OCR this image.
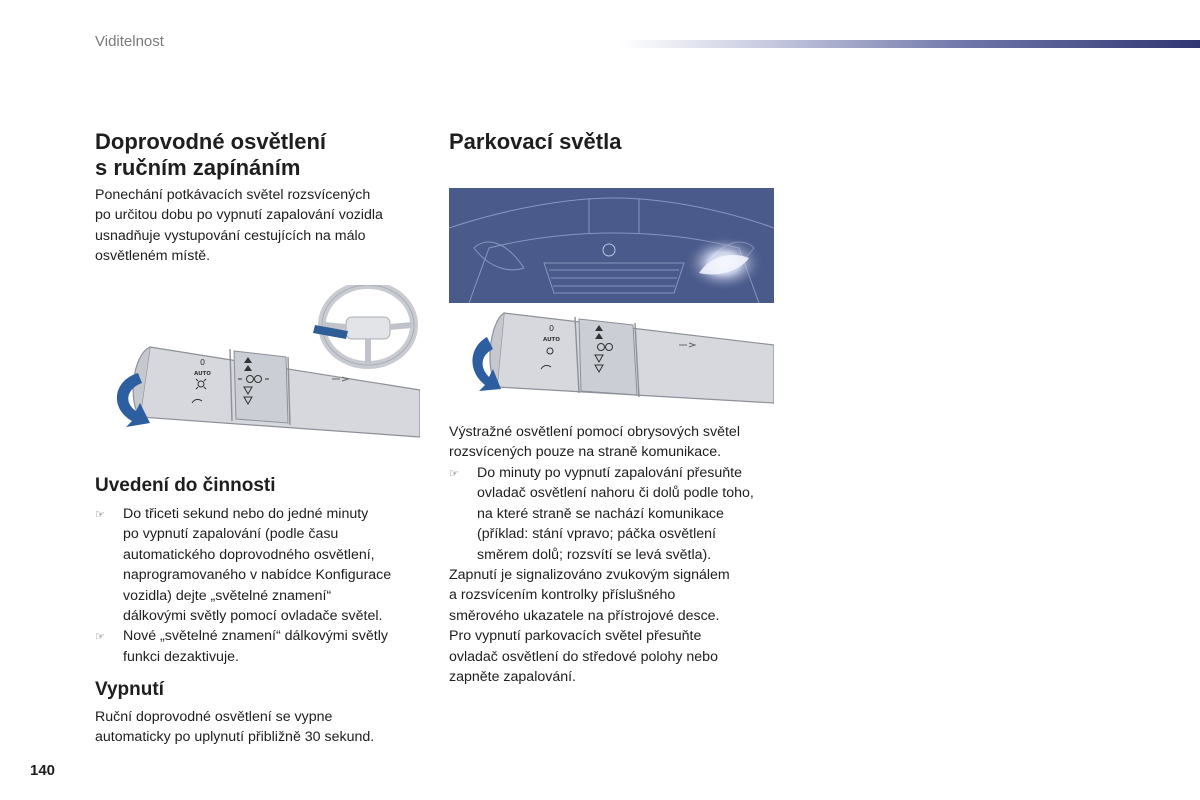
Viditelnost
Doprovodné osvětlení
s ručním zapínáním

Ponechání potkávacích světel rozsvícených

po určitou dobu po vypnutí zapalování vozidla

usnadňuje vystupování cestujících na málo

osvětleném místě.

0
AUTO
Uvedení do činnosti
☞	Do třiceti sekund nebo do jedné minuty
po vypnutí zapalování (podle času
automatického doprovodného osvětlení,
naprogramovaného v nabídce Konfigurace
vozidla) dejte „světelné znamení“
dálkovými světly pomocí ovladače světel.
☞	Nové „světelné znamení“ dálkovými světly
funkci dezaktivuje.
Vypnutí

Ruční doprovodné osvětlení se vypne

automaticky po uplynutí přibližně 30 sekund.

Parkovací světla
0
AUTO

Výstražné osvětlení pomocí obrysových světel

rozsvícených pouze na straně komunikace.

☞	Do minuty po vypnutí zapalování přesuňte
ovladač osvětlení nahoru či dolů podle toho,
na které straně se nachází komunikace
(příklad: stání vpravo; páčka osvětlení
směrem dolů; rozsvítí se levá světla).

Zapnutí je signalizováno zvukovým signálem

a rozsvícením kontrolky příslušného

směrového ukazatele na přístrojové desce.

Pro vypnutí parkovacích světel přesuňte

ovladač osvětlení do středové polohy nebo

zapněte zapalování.

140
